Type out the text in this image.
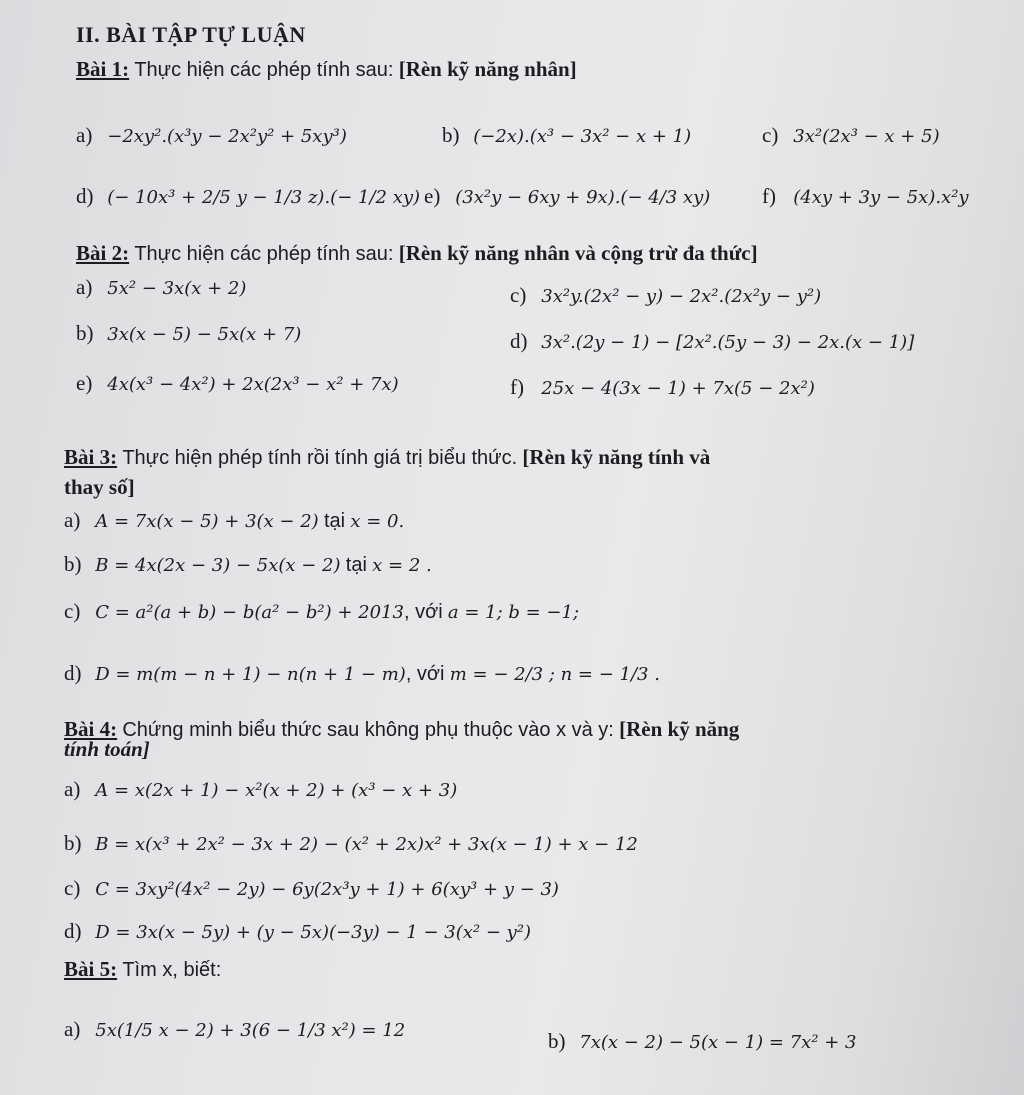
II. BÀI TẬP TỰ LUẬN
Bài 1: Thực hiện các phép tính sau: [Rèn kỹ năng nhân]
a) −2xy².(x³y − 2x²y² + 5xy³)	b) (−2x).(x³ − 3x² − x + 1)	c) 3x²(2x³ − x + 5)
d) (− 10x³ + 2/5 y − 1/3 z).(− 1/2 xy) e) (3x²y − 6xy + 9x).(− 4/3 xy) f) (4xy + 3y − 5x).x²y
Bài 2: Thực hiện các phép tính sau: [Rèn kỹ năng nhân và cộng trừ đa thức]
a) 5x² − 3x(x + 2)	c) 3x²y.(2x² − y) − 2x².(2x²y − y²)
b) 3x(x − 5) − 5x(x + 7)	d) 3x².(2y − 1) − [2x².(5y − 3) − 2x.(x − 1)]
e) 4x(x³ − 4x²) + 2x(2x³ − x² + 7x)	f) 25x − 4(3x − 1) + 7x(5 − 2x²)
Bài 3: Thực hiện phép tính rồi tính giá trị biểu thức. [Rèn kỹ năng tính và
thay số]
a) A = 7x(x − 5) + 3(x − 2) tại x = 0.
b) B = 4x(2x − 3) − 5x(x − 2) tại x = 2 .
c) C = a²(a + b) − b(a² − b²) + 2013, với a = 1; b = −1;
d) D = m(m − n + 1) − n(n + 1 − m), với m = − 2/3 ; n = − 1/3 .
Bài 4: Chứng minh biểu thức sau không phụ thuộc vào x và y: [Rèn kỹ năng
tính toán]
a) A = x(2x + 1) − x²(x + 2) + (x³ − x + 3)
b) B = x(x³ + 2x² − 3x + 2) − (x² + 2x)x² + 3x(x − 1) + x − 12
c) C = 3xy²(4x² − 2y) − 6y(2x³y + 1) + 6(xy³ + y − 3)
d) D = 3x(x − 5y) + (y − 5x)(−3y) − 1 − 3(x² − y²)
Bài 5: Tìm x, biết:
a) 5x(1/5 x − 2) + 3(6 − 1/3 x²) = 12	b) 7x(x − 2) − 5(x − 1) = 7x² + 3
